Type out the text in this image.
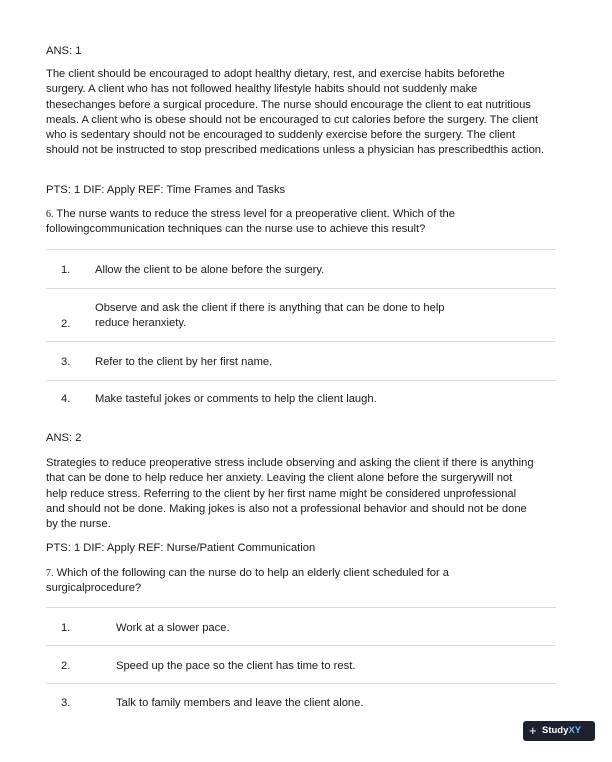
ANS: 1

The client should be encouraged to adopt healthy dietary, rest, and exercise habits beforethe surgery. A client who has not followed healthy lifestyle habits should not suddenly make thesechanges before a surgical procedure. The nurse should encourage the client to eat nutritious meals. A client who is obese should not be encouraged to cut calories before the surgery. The client who is sedentary should not be encouraged to suddenly exercise before the surgery. The client should not be instructed to stop prescribed medications unless a physician has prescribedthis action.

PTS: 1 DIF: Apply REF: Time Frames and Tasks

6. The nurse wants to reduce the stress level for a preoperative client. Which of the followingcommunication techniques can the nurse use to achieve this result?

1. Allow the client to be alone before the surgery.
2.
Observe and ask the client if there is anything that can be done to help reduce heranxiety.
3. Refer to the client by her first name.
4. Make tasteful jokes or comments to help the client laugh.

ANS: 2

Strategies to reduce preoperative stress include observing and asking the client if there is anything that can be done to help reduce her anxiety. Leaving the client alone before the surgerywill not help reduce stress. Referring to the client by her first name might be considered unprofessional and should not be done. Making jokes is also not a professional behavior and should not be done by the nurse.

PTS: 1 DIF: Apply REF: Nurse/Patient Communication

7. Which of the following can the nurse do to help an elderly client scheduled for a surgicalprocedure?

1.	Work at a slower pace.
2.	Speed up the pace so the client has time to rest.
3.	Talk to family members and leave the client alone.
+ StudyXY
